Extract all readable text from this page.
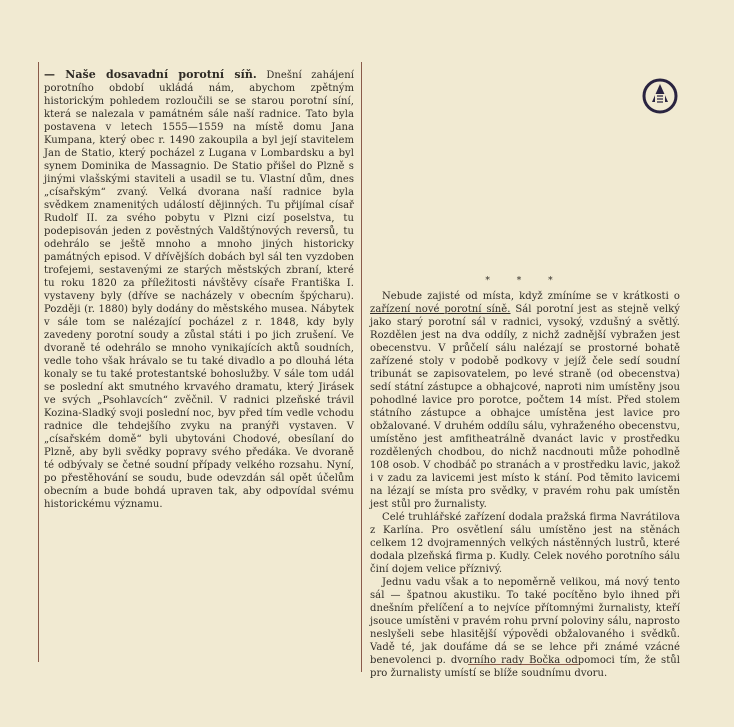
— Naše dosavadní porotní síň. Dnešní zahájení porotního období ukládá nám, abychom zpětným historickým pohledem rozloučili se se starou porotní síní, která se nalezala v památném sále naší radnice. Tato byla postavena v letech 1555—1559 na místě domu Jana Kumpana, který obec r. 1490 zakoupila a byl její stavitelem Jan de Statio, který pocházel z Lugana v Lombardsku a byl synem Dominika de Massagnio. De Statio přišel do Plzně s jinými vlašskými staviteli a usadil se tu. Vlastní dům, dnes „císařským“ zvaný. Velká dvorana naší radnice byla svědkem znamenitých událostí dějinných. Tu přijímal císař Rudolf II. za svého pobytu v Plzni cizí poselstva, tu podepisován jeden z pověstných Valdštýnových reversů, tu odehrálo se ještě mnoho a mnoho jiných historicky památných episod. V dřívějších dobách byl sál ten vyzdoben trofejemi, sestavenými ze starých městských zbraní, které tu roku 1820 za příležitosti návštěvy císaře Františka I. vystaveny byly (dříve se nacházely v obecním špýcharu). Později (r. 1880) byly dodány do městského musea. Nábytek v sále tom se nalézající pocházel z r. 1848, kdy byly zavedeny porotní soudy a zůstal státi i po jich zrušení. Ve dvoraně té odehrálo se mnoho vynikajících aktů soudních, vedle toho však hrávalo se tu také divadlo a po dlouhá léta konaly se tu také protestantské bohoslužby. V sále tom udál se poslední akt smutného krvavého dramatu, který Jirásek ve svých „Psohlavcích“ zvěčnil. V radnici plzeňské trávil Kozina-Sladký svoji poslední noc, byv před tím vedle vchodu radnice dle tehdejšího zvyku na pranýři vystaven. V „císařském domě“ byli ubytováni Chodové, obesílaní do Plzně, aby byli svědky popravy svého předáka. Ve dvoraně té odbývaly se četné soudní případy velkého rozsahu. Nyní, po přestěhování se soudu, bude odevzdán sál opět účelům obecním a bude bohdá upraven tak, aby odpovídal svému historickému významu.

* * *

Nebude zajisté od místa, když zmíníme se v krátkosti o zařízení nové porotní síně. Sál porotní jest as stejně velký jako starý porotní sál v radnici, vysoký, vzdušný a světlý. Rozdělen jest na dva oddíly, z nichž zadnější vybražen jest obecenstvu. V průčelí sálu nalézají se prostorné bohatě zařízené stoly v podobě podkovy v jejíž čele sedí soudní tribunát se zapisovatelem, po levé straně (od obecenstva) sedí státní zástupce a obhajcové, naproti nim umístěny jsou pohodlné lavice pro porotce, počtem 14 míst. Před stolem státního zástupce a obhajce umístěna jest lavice pro obžalované. V druhém oddílu sálu, vyhraženého obecenstvu, umístěno jest amfitheatrálně dvanáct lavic v prostředku rozdělených chodbou, do nichž nacdnouti může pohodlně 108 osob. V chodbáč po stranách a v prostředku lavic, jakož i v zadu za lavicemi jest místo k stání. Pod těmito lavicemi na lézají se místa pro svědky, v pravém rohu pak umístěn jest stůl pro žurnalisty.

Celé truhlářské zařízení dodala pražská firma Navrátilova z Karlína. Pro osvětlení sálu umístěno jest na stěnách celkem 12 dvojramenných velkých nástěnných lustrů, které dodala plzeňská firma p. Kudly. Celek nového porotního sálu činí dojem velice příznivý.

Jednu vadu však a to nepoměrně velikou, má nový tento sál — špatnou akustiku. To také pocítěno bylo ihned při dnešním přelíčení a to nejvíce přítomnými žurnalisty, kteří jsouce umístěni v pravém rohu první poloviny sálu, naprosto neslyšeli sebe hlasitější výpovědi obžalovaného i svědků. Vadě té, jak doufáme dá se se lehce při známé vzácné benevolenci p. dvorního rady Bočka odpomoci tím, že stůl pro žurnalisty umístí se blíže soudnímu dvoru.
